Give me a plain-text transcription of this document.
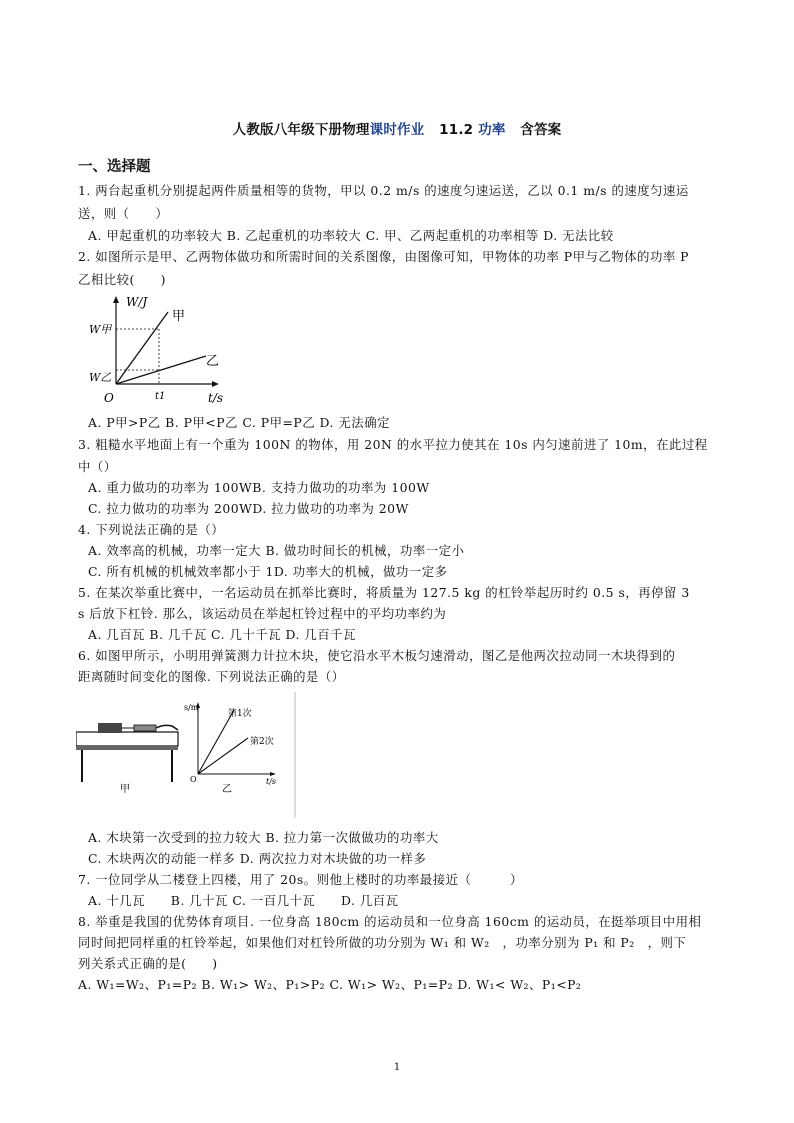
人教版八年级下册物理课时作业 11.2 功率 含答案
一、选择题
1. 两台起重机分别提起两件质量相等的货物，甲以 0.2 m/s 的速度匀速运送，乙以 0.1 m/s 的速度匀速运
送，则（　　）
A. 甲起重机的功率较大 B. 乙起重机的功率较大 C. 甲、乙两起重机的功率相等 D. 无法比较
2. 如图所示是甲、乙两物体做功和所需时间的关系图像，由图像可知，甲物体的功率 P甲与乙物体的功率 P
乙相比较(　　)
W/J
t/s
O
W甲
W乙
t1
甲
乙
A. P甲>P乙 B. P甲<P乙 C. P甲=P乙 D. 无法确定
3. 粗糙水平地面上有一个重为 100N 的物体，用 20N 的水平拉力使其在 10s 内匀速前进了 10m，在此过程
中（）
A. 重力做功的功率为 100WB. 支持力做功的功率为 100W
C. 拉力做功的功率为 200WD. 拉力做功的功率为 20W
4. 下列说法正确的是（）
A. 效率高的机械，功率一定大 B. 做功时间长的机械，功率一定小
C. 所有机械的机械效率都小于 1D. 功率大的机械，做功一定多
5. 在某次举重比赛中，一名运动员在抓举比赛时，将质量为 127.5 kg 的杠铃举起历时约 0.5 s，再停留 3
s 后放下杠铃. 那么，该运动员在举起杠铃过程中的平均功率约为
A. 几百瓦 B. 几千瓦 C. 几十千瓦 D. 几百千瓦
6. 如图甲所示，小明用弹簧测力计拉木块，使它沿水平木板匀速滑动，图乙是他两次拉动同一木块得到的
距离随时间变化的图像. 下列说法正确的是（）
甲
s/m
t/s
O
第1次
第2次
乙
A. 木块第一次受到的拉力较大 B. 拉力第一次做做功的功率大
C. 木块两次的动能一样多 D. 两次拉力对木块做的功一样多
7. 一位同学从二楼登上四楼，用了 20s。则他上楼时的功率最接近（　　　）
A. 十几瓦　　B. 几十瓦 C. 一百几十瓦　　D. 几百瓦
8. 举重是我国的优势体育项目. 一位身高 180cm 的运动员和一位身高 160cm 的运动员，在挺举项目中用相
同时间把同样重的杠铃举起，如果他们对杠铃所做的功分别为 W₁ 和 W₂　，功率分别为 P₁ 和 P₂　，则下
列关系式正确的是(　　)
A. W₁=W₂、P₁=P₂ B. W₁> W₂、P₁>P₂ C. W₁> W₂、P₁=P₂ D. W₁< W₂、P₁<P₂
1
